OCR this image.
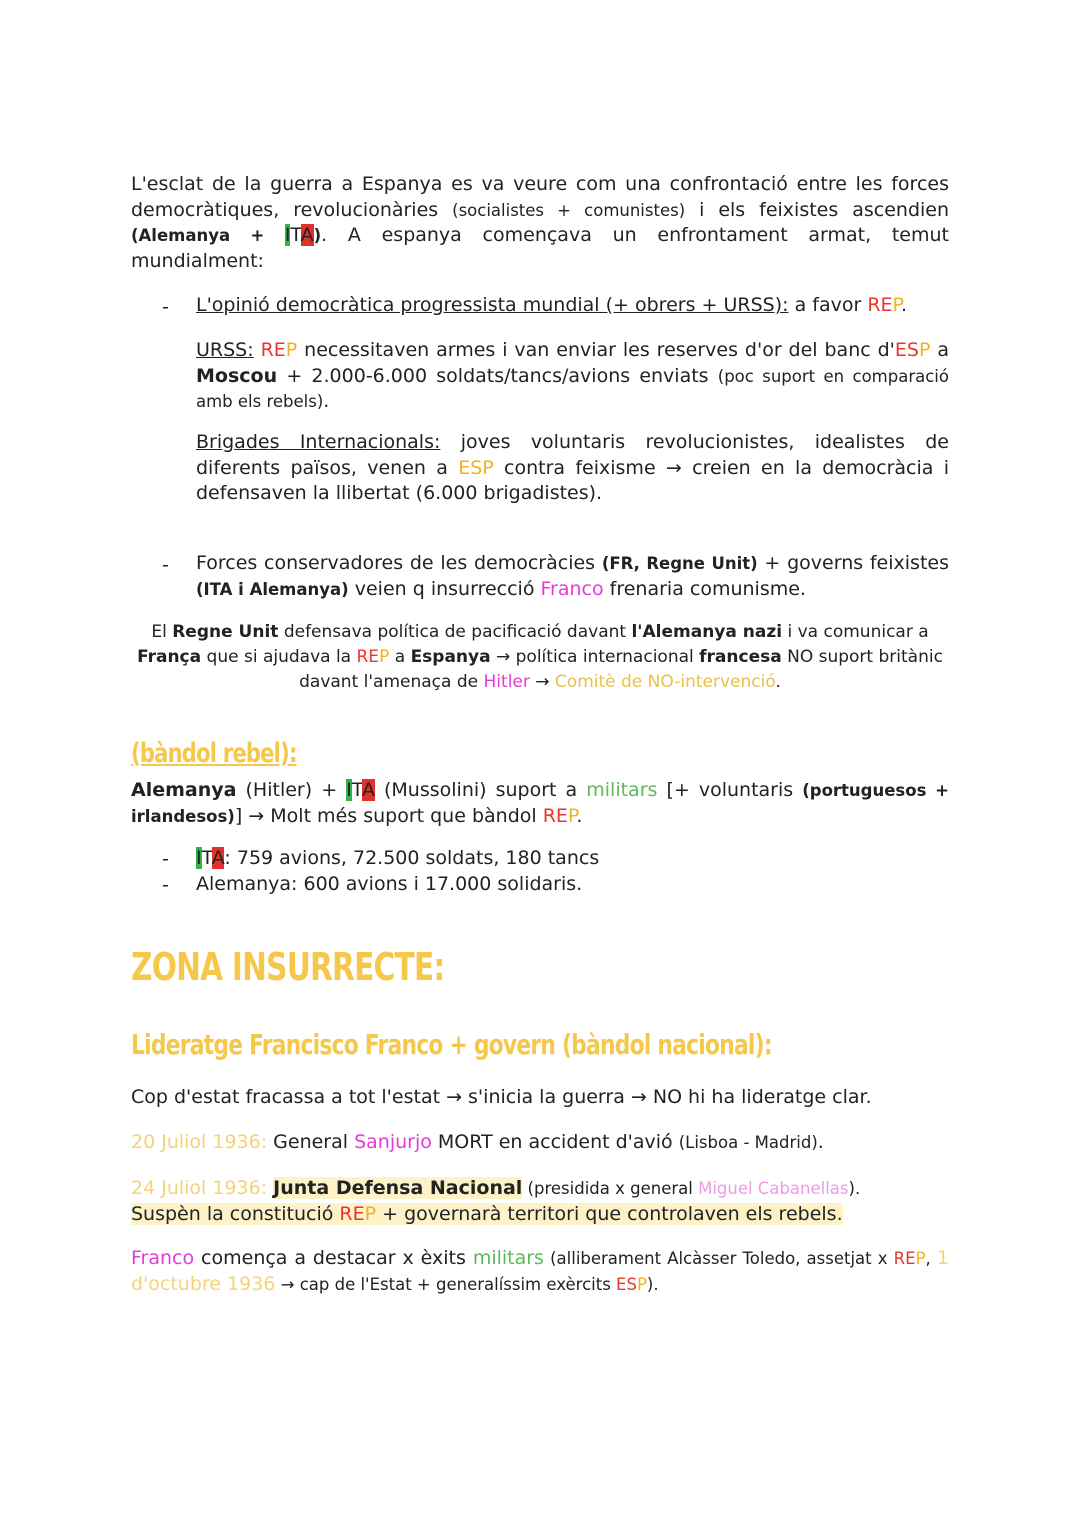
L'esclat de la guerra a Espanya es va veure com una confrontació entre les forces democràtiques, revolucionàries (socialistes + comunistes) i els feixistes ascendien (Alemanya + ITA). A espanya començava un enfrontament armat, temut mundialment:
- L'opinió democràtica progressista mundial (+ obrers + URSS): a favor REP.
URSS: REP necessitaven armes i van enviar les reserves d'or del banc d'ESP a Moscou + 2.000-6.000 soldats/tancs/avions enviats (poc suport en comparació amb els rebels).
Brigades Internacionals: joves voluntaris revolucionistes, idealistes de diferents països, venen a ESP contra feixisme → creien en la democràcia i defensaven la llibertat (6.000 brigadistes).
- Forces conservadores de les democràcies (FR, Regne Unit) + governs feixistes (ITA i Alemanya) veien q insurrecció Franco frenaria comunisme.
El Regne Unit defensava política de pacificació davant l'Alemanya nazi i va comunicar a França que si ajudava la REP a Espanya → política internacional francesa NO suport britànic davant l'amenaça de Hitler → Comitè de NO-intervenció.
(bàndol rebel):
Alemanya (Hitler) + ITA (Mussolini) suport a militars [+ voluntaris (portuguesos + irlandesos)] → Molt més suport que bàndol REP.
- ITA: 759 avions, 72.500 soldats, 180 tancs
- Alemanya: 600 avions i 17.000 solidaris.
ZONA INSURRECTE:
Lideratge Francisco Franco + govern (bàndol nacional):
Cop d'estat fracassa a tot l'estat → s'inicia la guerra → NO hi ha lideratge clar.
20 Juliol 1936: General Sanjurjo MORT en accident d'avió (Lisboa - Madrid).
24 Juliol 1936: Junta Defensa Nacional (presidida x general Miguel Cabanellas).
Suspèn la constitució REP + governarà territori que controlaven els rebels.
Franco comença a destacar x èxits militars (alliberament Alcàsser Toledo, assetjat x REP, 1 d'octubre 1936 → cap de l'Estat + generalíssim exèrcits ESP).
